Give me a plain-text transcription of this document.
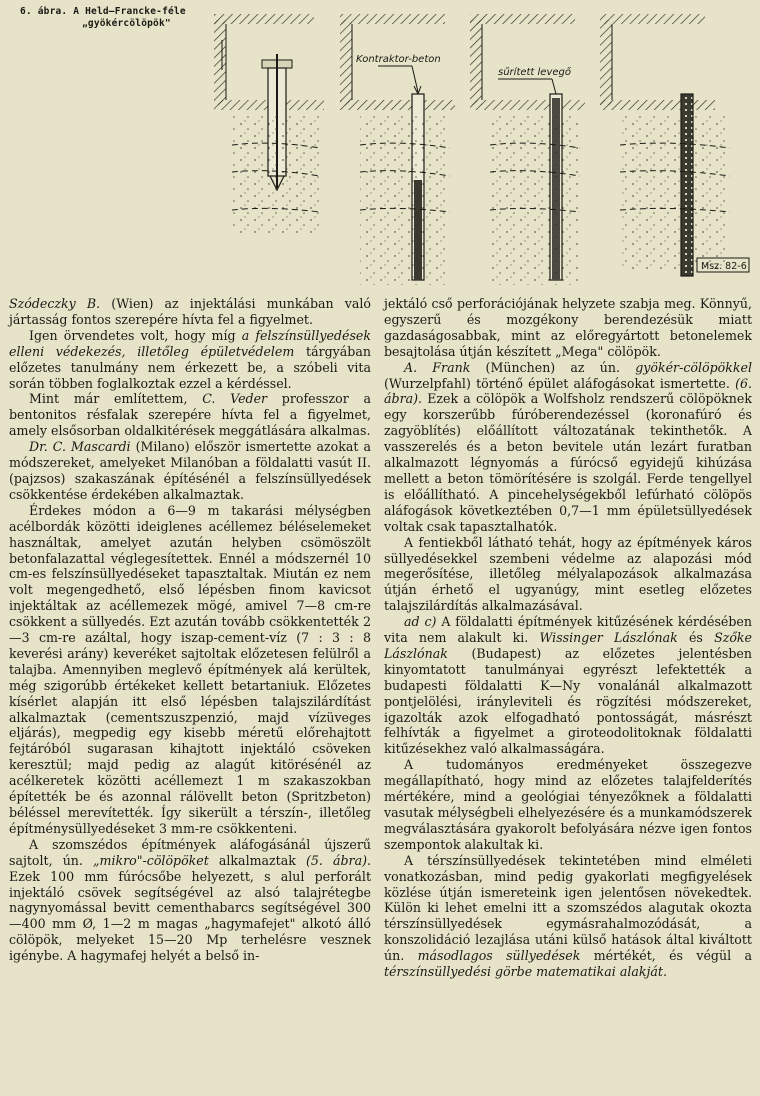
6. ábra. A Held—Francke-féle
„gyökércölöpök"
Kontraktor-beton
sűrített levegő
Msz. 82-6

Szódeczky B. (Wien) az injektálási munkában való jártasság fontos szerepére hívta fel a figyelmet.

Igen örvendetes volt, hogy míg a felszínsüllyedések elleni védekezés, illetőleg épületvédelem tárgyában előzetes tanulmány nem érkezett be, a szóbeli vita során többen foglalkoztak ezzel a kérdéssel.

Mint már említettem, C. Veder professzor a bentonitos résfalak szerepére hívta fel a figyelmet, amely elsősorban oldalkitérések meggátlására alkalmas.

Dr. C. Mascardi (Milano) először ismertette azokat a módszereket, amelyeket Milanóban a földalatti vasút II. (pajzsos) szakaszának építésénél a felszínsüllyedések csökkentése érdekében alkalmaztak.

Érdekes módon a 6—9 m takarási mélységben acélbordák közötti ideiglenes acéllemez béléselemeket használtak, amelyet azután helyben csömöszölt betonfalazattal véglegesítettek. Ennél a módszernél 10 cm-es felszínsüllyedéseket tapasztaltak. Miután ez nem volt megengedhető, első lépésben finom kavicsot injektáltak az acéllemezek mögé, amivel 7—8 cm-re csökkent a süllyedés. Ezt azután tovább csökkentették 2—3 cm-re azáltal, hogy iszap-cement-víz (7 : 3 : 8 keverési arány) keveréket sajtoltak előzetesen felülről a talajba. Amennyiben meglevő építmények alá kerültek, még szigorúbb értékeket kellett betartaniuk. Előzetes kísérlet alapján itt első lépésben talajszilárdítást alkalmaztak (cementszuszpenzió, majd vízüveges eljárás), megpedig egy kisebb méretű előrehajtott fejtáróból sugarasan kihajtott injektáló csöveken keresztül; majd pedig az alagút kitörésénél az acélkeretek közötti acéllemezt 1 m szakaszokban építették be és azonnal rálövellt beton (Spritzbeton) béléssel merevítették. Így sikerült a térszín-, illetőleg építménysüllyedéseket 3 mm-re csökkenteni.

A szomszédos építmények aláfogásánál újszerű sajtolt, ún. „mikro"-cölöpöket alkalmaztak (5. ábra). Ezek 100 mm fúrócsőbe helyezett, s alul perforált injektáló csövek segítségével az alsó talajrétegbe nagynyomással bevitt cementhabarcs segítségével 300—400 mm Ø, 1—2 m magas „hagymafejet" alkotó álló cölöpök, melyeket 15—20 Mp terhelésre vesznek igénybe. A hagymafej helyét a belső in-

jektáló cső perforációjának helyzete szabja meg. Könnyű, egyszerű és mozgékony berendezésük miatt gazdaságosabbak, mint az előregyártott betonelemek besajtolása útján készített „Mega" cölöpök.

A. Frank (München) az ún. gyökér-cölöpökkel (Wurzelpfahl) történő épület aláfogásokat ismertette. (6. ábra). Ezek a cölöpök a Wolfsholz rendszerű cölöpöknek egy korszerűbb fúróberendezéssel (koronafúró és zagyöblítés) előállított változatának tekinthetők. A vasszerelés és a beton bevitele után lezárt furatban alkalmazott légnyomás a fúrócső egyidejű kihúzása mellett a beton tömörítésére is szolgál. Ferde tengellyel is előállítható. A pincehelységekből lefúrható cölöpös aláfogások következtében 0,7—1 mm épületsüllyedések voltak csak tapasztalhatók.

A fentiekből látható tehát, hogy az építmények káros süllyedésekkel szembeni védelme az alapozási mód megerősítése, illetőleg mélyalapozások alkalmazása útján érhető el ugyanúgy, mint esetleg előzetes talajszilárdítás alkalmazásával.

ad c) A földalatti építmények kitűzésének kérdésében vita nem alakult ki. Wissinger Lászlónak és Szőke Lászlónak (Budapest) az előzetes jelentésben kinyomtatott tanulmányai egyrészt lefektették a budapesti földalatti K—Ny vonalánál alkalmazott pontjelölési, irányleviteli és rögzítési módszereket, igazolták azok elfogadható pontosságát, másrészt felhívták a figyelmet a giroteodolitoknak földalatti kitűzésekhez való alkalmasságára.

A tudományos eredményeket összegezve megállapítható, hogy mind az előzetes talajfelderítés mértékére, mind a geológiai tényezőknek a földalatti vasutak mélységbeli elhelyezésére és a munkamódszerek megválasztására gyakorolt befolyására nézve igen fontos szempontok alakultak ki.

A térszínsüllyedések tekintetében mind elméleti vonatkozásban, mind pedig gyakorlati megfigyelések közlése útján ismereteink igen jelentősen növekedtek. Külön ki lehet emelni itt a szomszédos alagutak okozta térszínsüllyedések egymásrahalmozódását, a konszolidáció lezajlása utáni külső hatások által kiváltott ún. másodlagos süllyedések mértékét, és végül a térszínsüllyedési görbe matematikai alakját.
